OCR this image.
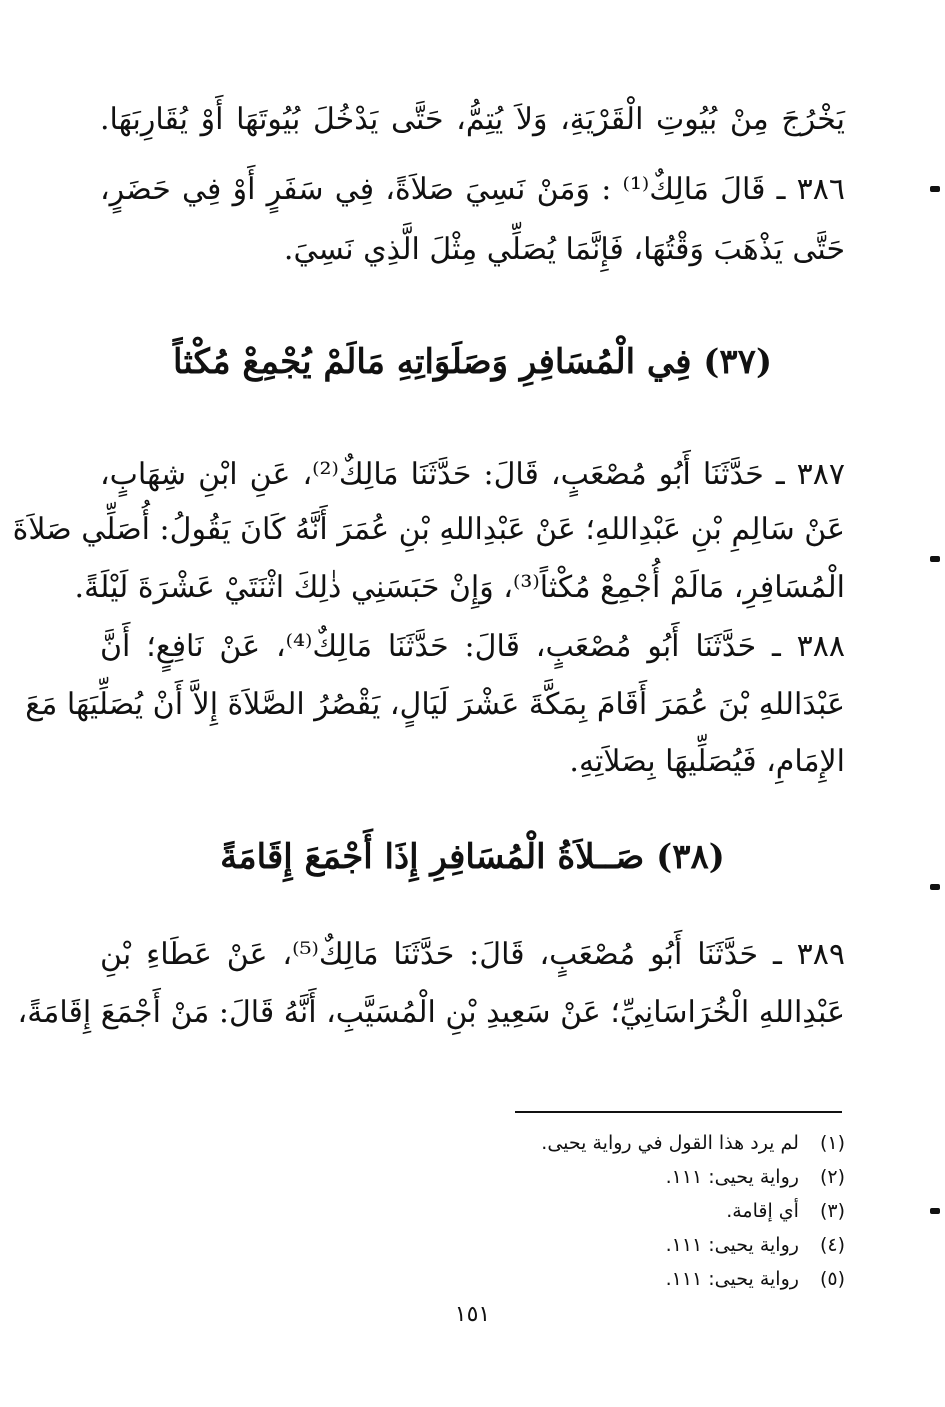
يَخْرُجَ مِنْ بُيُوتِ الْقَرْيَةِ، وَلاَ يُتِمُّ، حَتَّى يَدْخُلَ بُيُوتَهَا أَوْ يُقَارِبَهَا.
٣٨٦ ـ قَالَ مَالِكٌ⁽¹⁾ : وَمَنْ نَسِيَ صَلاَةً، فِي سَفَرٍ أَوْ فِي حَضَرٍ،
حَتَّى يَذْهَبَ وَقْتُهَا، فَإِنَّمَا يُصَلِّي مِثْلَ الَّذِي نَسِيَ.
(٣٧) فِي الْمُسَافِرِ وَصَلَوَاتِهِ مَالَمْ يُجْمِعْ مُكْثاً
٣٨٧ ـ حَدَّثَنَا أَبُو مُصْعَبٍ، قَالَ: حَدَّثَنَا مَالِكٌ⁽²⁾، عَنِ ابْنِ شِهَابٍ،
عَنْ سَالِمِ بْنِ عَبْدِاللهِ؛ عَنْ عَبْدِاللهِ بْنِ عُمَرَ أَنَّهُ كَانَ يَقُولُ: أُصَلِّي صَلاَةَ
الْمُسَافِرِ، مَالَمْ أُجْمِعْ مُكْثاً⁽³⁾، وَإِنْ حَبَسَنِي ذٰلِكَ اثْنَتَيْ عَشْرَةَ لَيْلَةً.
٣٨٨ ـ حَدَّثَنَا أَبُو مُصْعَبٍ، قَالَ: حَدَّثَنَا مَالِكٌ⁽⁴⁾، عَنْ نَافِعٍ؛ أَنَّ
عَبْدَاللهِ بْنَ عُمَرَ أَقَامَ بِمَكَّةَ عَشْرَ لَيَالٍ، يَقْصُرُ الصَّلاَةَ إِلاَّ أَنْ يُصَلِّيَهَا مَعَ
الإِمَامِ، فَيُصَلِّيهَا بِصَلاَتِهِ.
(٣٨) صَــلاَةُ الْمُسَافِرِ إِذَا أَجْمَعَ إِقَامَةً
٣٨٩ ـ حَدَّثَنَا أَبُو مُصْعَبٍ، قَالَ: حَدَّثَنَا مَالِكٌ⁽⁵⁾، عَنْ عَطَاءِ بْنِ
عَبْدِاللهِ الْخُرَاسَانِيِّ؛ عَنْ سَعِيدِ بْنِ الْمُسَيَّبِ، أَنَّهُ قَالَ: مَنْ أَجْمَعَ إِقَامَةً،
(١) لم يرد هذا القول في رواية يحيى.
(٢) رواية يحيى: ١١١.
(٣) أي إقامة.
(٤) رواية يحيى: ١١١.
(٥) رواية يحيى: ١١١.
١٥١
